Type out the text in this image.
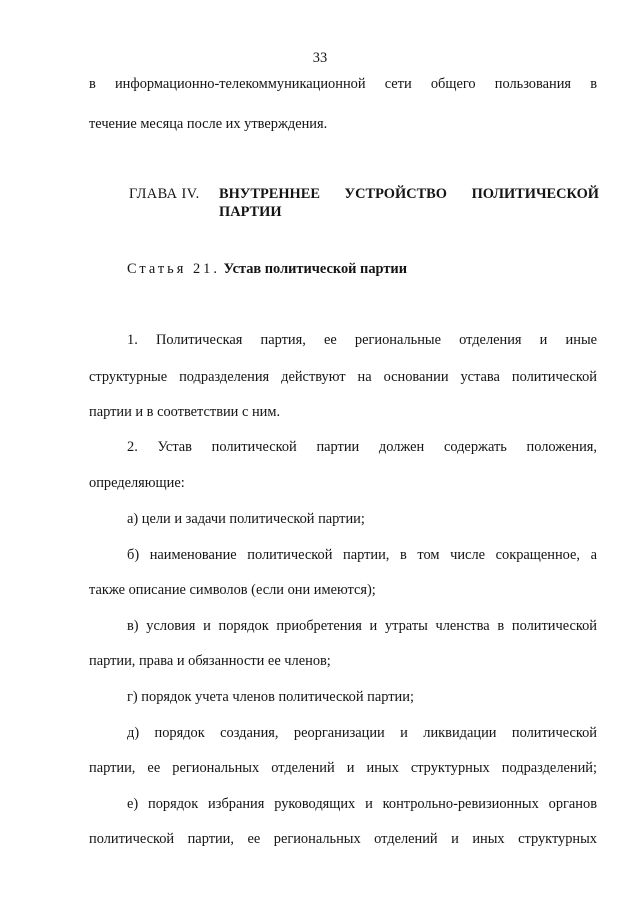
33
в информационно-телекоммуникационной сети общего пользования в
течение месяца после их утверждения.
ГЛАВА IV.	ВНУТРЕННЕЕ УСТРОЙСТВО ПОЛИТИЧЕСКОЙ
ПАРТИИ
Статья 21. Устав политической партии
1. Политическая партия, ее региональные отделения и иные
структурные подразделения действуют на основании устава политической
партии и в соответствии с ним.
2. Устав политической партии должен содержать положения,
определяющие:
а) цели и задачи политической партии;
б) наименование политической партии, в том числе сокращенное, а
также описание символов (если они имеются);
в) условия и порядок приобретения и утраты членства в политической
партии, права и обязанности ее членов;
г) порядок учета членов политической партии;
д) порядок создания, реорганизации и ликвидации политической
партии, ее региональных отделений и иных структурных подразделений;
е) порядок избрания руководящих и контрольно-ревизионных органов
политической партии, ее региональных отделений и иных структурных
